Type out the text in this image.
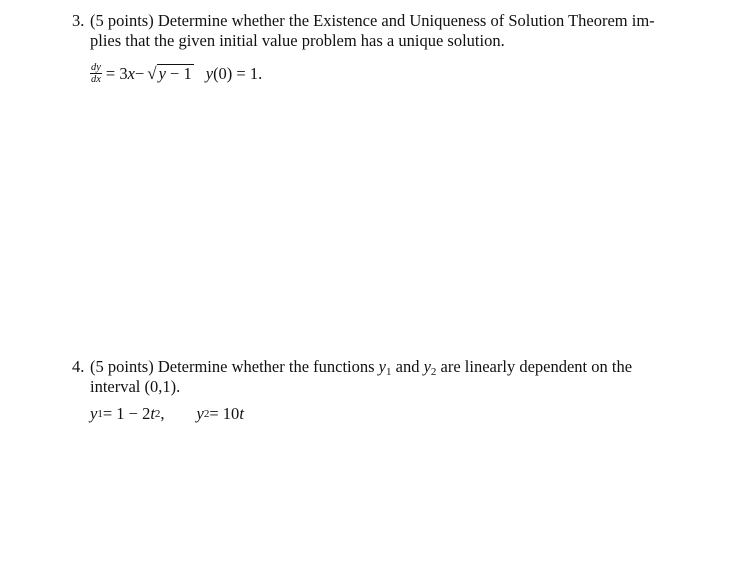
3. (5 points) Determine whether the Existence and Uniqueness of Solution Theorem im-
plies that the given initial value problem has a unique solution.
$\frac{dy}{dx} = 3$ x − √ y − 1 y (0) = 1.
4. (5 points) Determine whether the functions $y_1$ and $y_2$ are linearly dependent on the
interval (0,1).
y 1 = 1 − 2 t 2 , y 2 = 10 t
